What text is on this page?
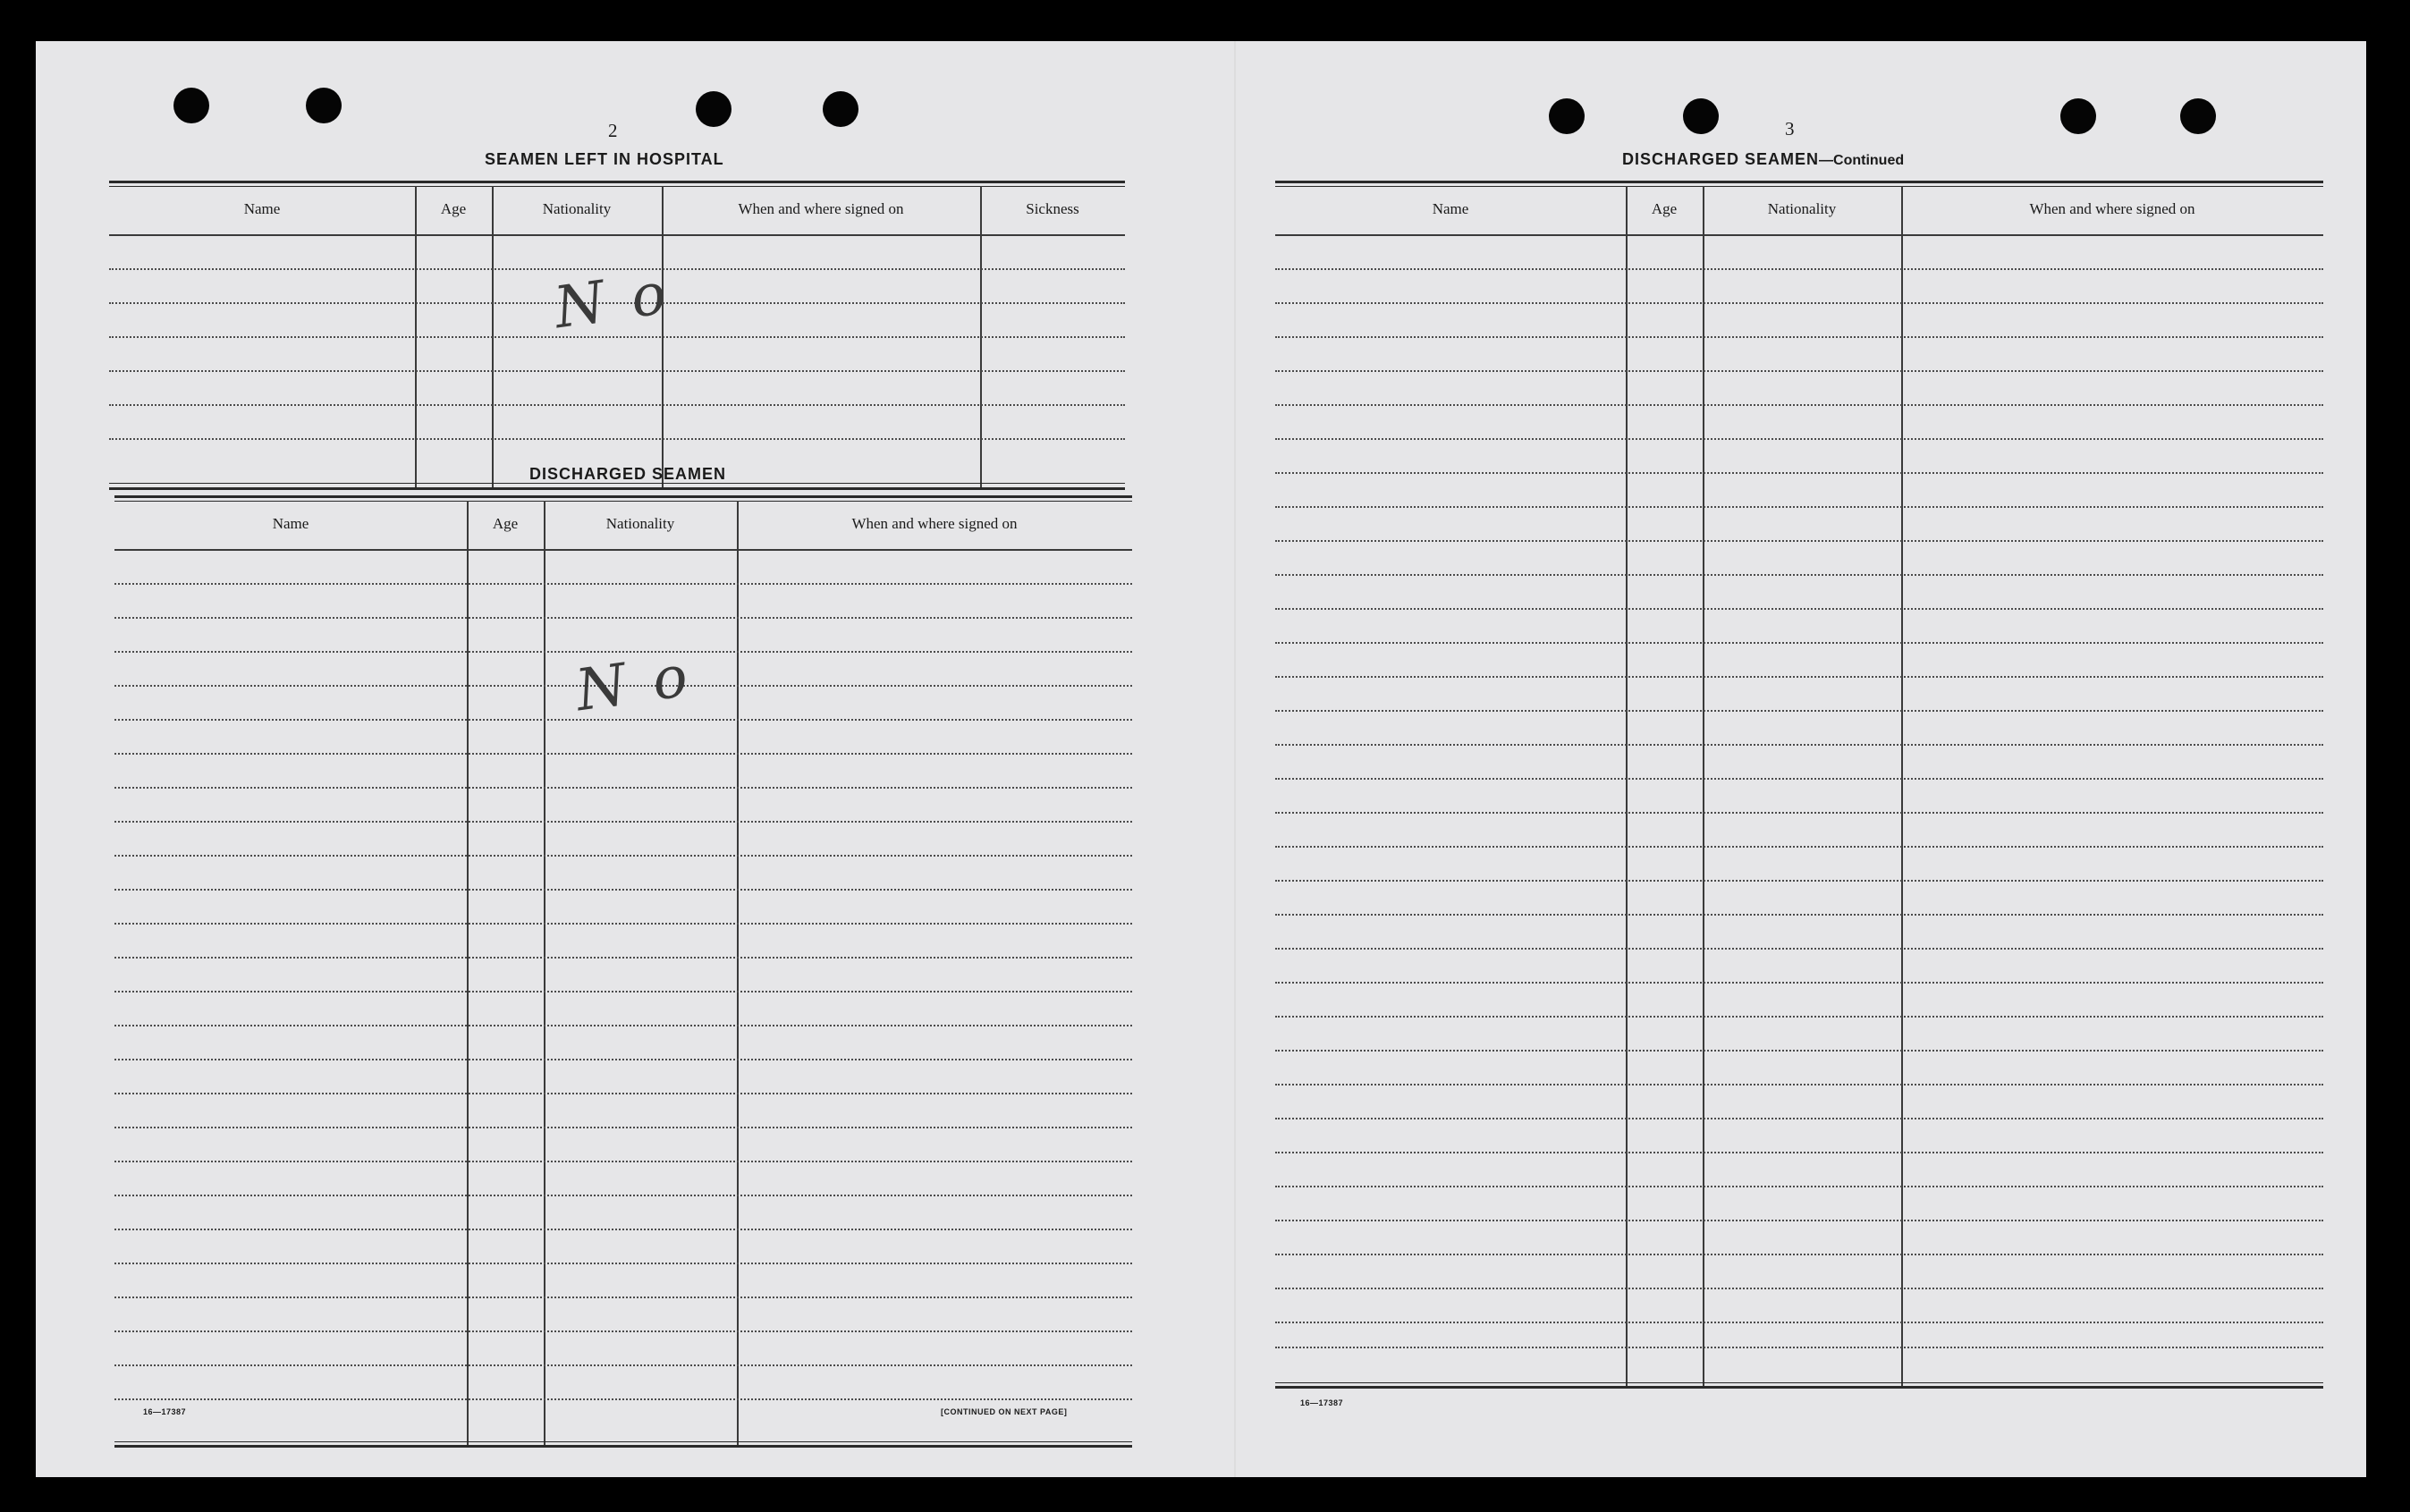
2
SEAMEN LEFT IN HOSPITAL
Name	Age	Nationality	When and where signed on	Sickness
No
DISCHARGED SEAMEN
Name	Age	Nationality	When and where signed on
No
16—17387	[CONTINUED ON NEXT PAGE]
3
DISCHARGED SEAMEN—Continued
Name	Age	Nationality	When and where signed on
16—17387
